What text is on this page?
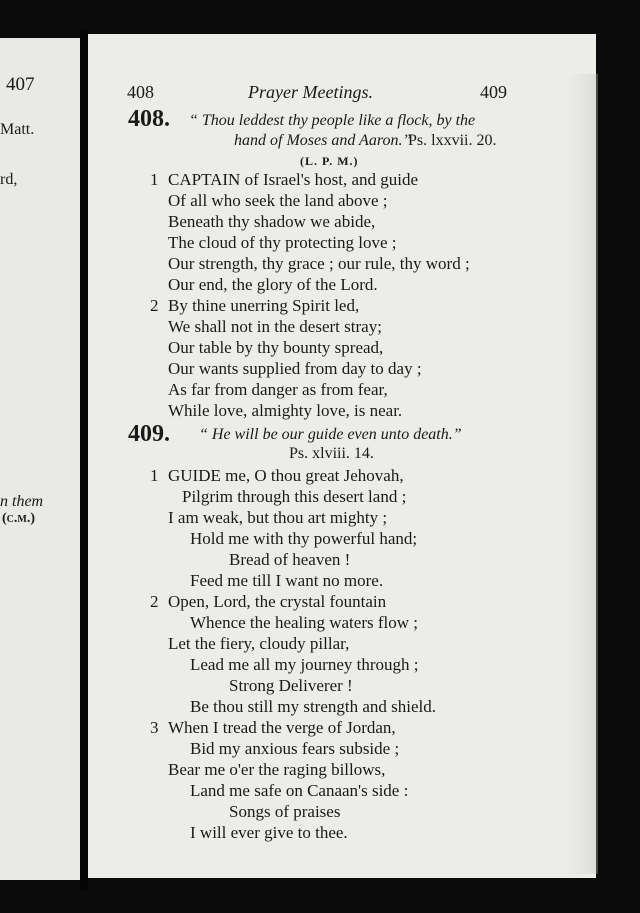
407
Matt.
rd,
n them
(c.m.)
408	Prayer Meetings.	409
408. “ Thou leddest thy people like a flock, by the
hand of Moses and Aaron.”
Ps. lxxvii. 20.
(L. P. M.)
1 CAPTAIN of Israel's host, and guide
Of all who seek the land above ;
Beneath thy shadow we abide,
The cloud of thy protecting love ;
Our strength, thy grace ; our rule, thy word ;
Our end, the glory of the Lord.
2 By thine unerring Spirit led,
We shall not in the desert stray;
Our table by thy bounty spread,
Our wants supplied from day to day ;
As far from danger as from fear,
While love, almighty love, is near.
409. “ He will be our guide even unto death.”
Ps. xlviii. 14.
1 GUIDE me, O thou great Jehovah,
Pilgrim through this desert land ;
I am weak, but thou art mighty ;
Hold me with thy powerful hand;
Bread of heaven !
Feed me till I want no more.
2 Open, Lord, the crystal fountain
Whence the healing waters flow ;
Let the fiery, cloudy pillar,
Lead me all my journey through ;
Strong Deliverer !
Be thou still my strength and shield.
3 When I tread the verge of Jordan,
Bid my anxious fears subside ;
Bear me o'er the raging billows,
Land me safe on Canaan's side :
Songs of praises
I will ever give to thee.
